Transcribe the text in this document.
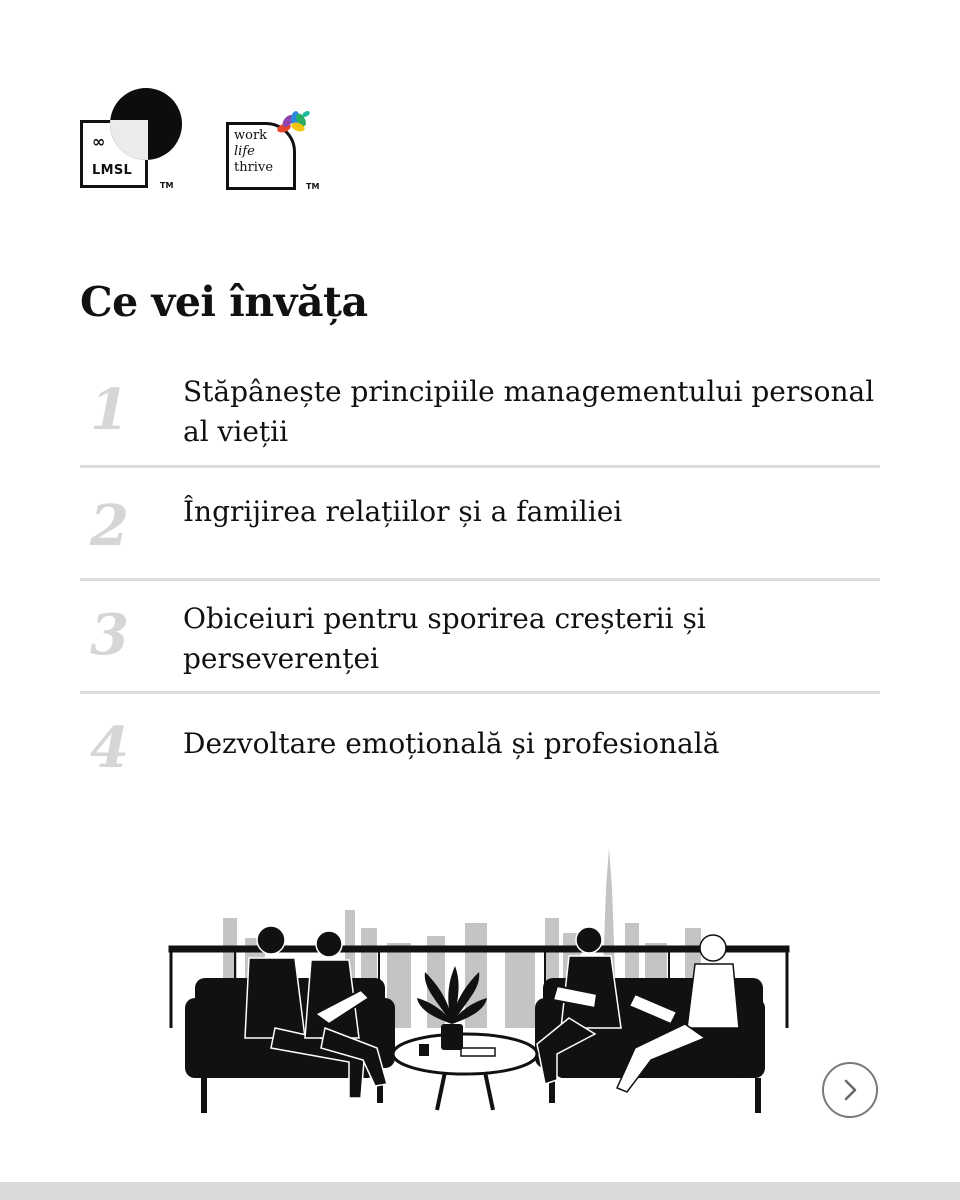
∞
LMSL
TM
work
life
thrive
TM
Ce vei învăța
1 Stăpânește principiile managementului personal al vieții
2 Îngrijirea relațiilor și a familiei
3 Obiceiuri pentru sporirea creșterii și perseverenței
4 Dezvoltare emoțională și profesională
